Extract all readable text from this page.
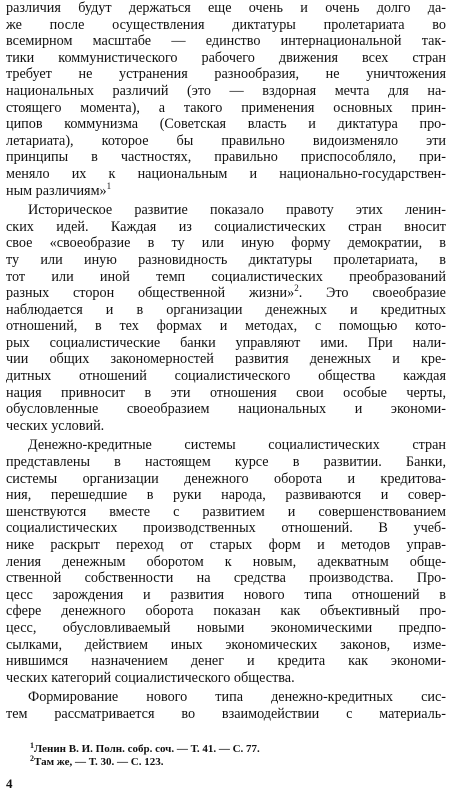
различия будут держаться еще очень и очень долго да-
же после осуществления диктатуры пролетариата во
всемирном масштабе — единство интернациональной так-
тики коммунистического рабочего движения всех стран
требует не устранения разнообразия, не уничтожения
национальных различий (это — вздорная мечта для на-
стоящего момента), а такого применения основных прин-
ципов коммунизма (Советская власть и диктатура про-
летариата), которое бы правильно видоизменяло эти
принципы в частностях, правильно приспособляло, при-
меняло их к национальным и национально-государствен-
ным различиям»$^1$
Историческое развитие показало правоту этих ленин-
ских идей. Каждая из социалистических стран вносит
свое «своеобразие в ту или иную форму демократии, в
ту или иную разновидность диктатуры пролетариата, в
тот или иной темп социалистических преобразований
разных сторон общественной жизни»$^2$. Это своеобразие
наблюдается и в организации денежных и кредитных
отношений, в тех формах и методах, с помощью кото-
рых социалистические банки управляют ими. При нали-
чии общих закономерностей развития денежных и кре-
дитных отношений социалистического общества каждая
нация привносит в эти отношения свои особые черты,
обусловленные своеобразием национальных и экономи-
ческих условий.
Денежно-кредитные системы социалистических стран
представлены в настоящем курсе в развитии. Банки,
системы организации денежного оборота и кредитова-
ния, перешедшие в руки народа, развиваются и совер-
шенствуются вместе с развитием и совершенствованием
социалистических производственных отношений. В учеб-
нике раскрыт переход от старых форм и методов управ-
ления денежным оборотом к новым, адекватным обще-
ственной собственности на средства производства. Про-
цесс зарождения и развития нового типа отношений в
сфере денежного оборота показан как объективный про-
цесс, обусловливаемый новыми экономическими предпо-
сылками, действием иных экономических законов, изме-
нившимся назначением денег и кредита как экономи-
ческих категорий социалистического общества.
Формирование нового типа денежно-кредитных сис-
тем рассматривается во взаимодействии с материаль-
$^1$Ленин В. И. Полн. собр. соч. — Т. 41. — С. 77.
$^2$Там же, — Т. 30. — С. 123.
4
